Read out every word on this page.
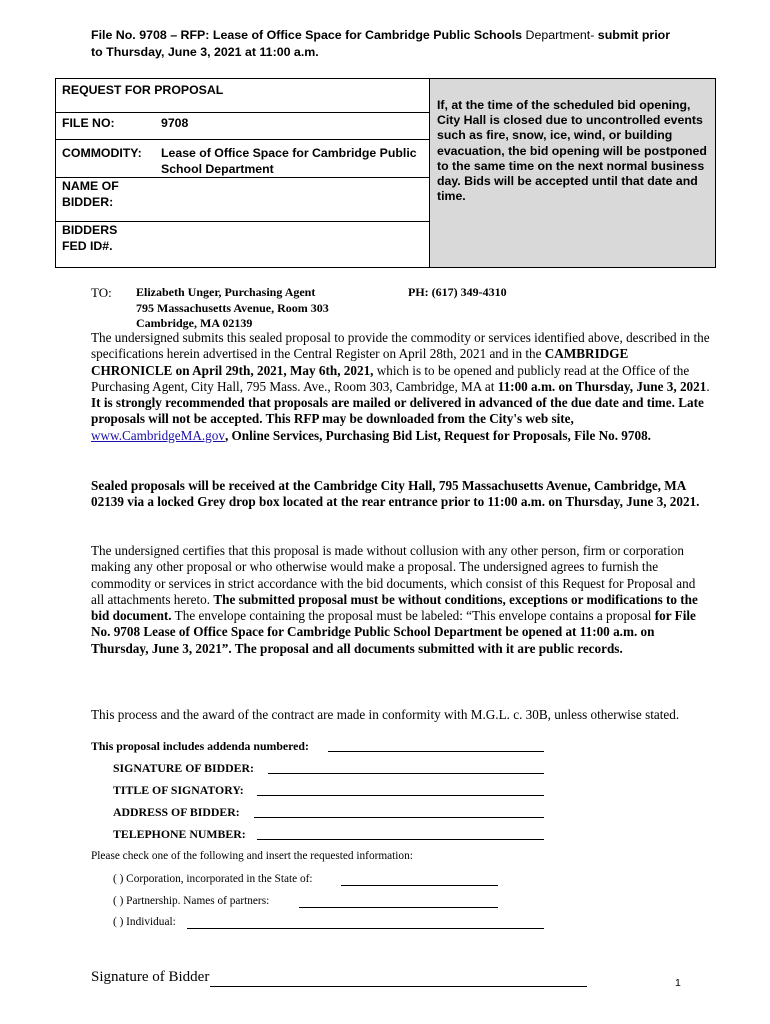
File No. 9708 – RFP: Lease of Office Space for Cambridge Public Schools Department- submit prior
to Thursday, June 3, 2021 at 11:00 a.m.
REQUEST FOR PROPOSAL
FILE NO:	9708
COMMODITY: Lease of Office Space for Cambridge Public
School Department
NAME OF
BIDDER:
BIDDERS
FED ID#.
If, at the time of the scheduled bid opening, City Hall is closed due to uncontrolled events such as fire, snow, ice, wind, or building evacuation, the bid opening will be postponed to the same time on the next normal business day. Bids will be accepted until that date and time.
TO: Elizabeth Unger, Purchasing Agent
795 Massachusetts Avenue, Room 303
Cambridge, MA 02139
PH: (617) 349-4310
The undersigned submits this sealed proposal to provide the commodity or services identified above, described in the specifications herein advertised in the Central Register on April 28th, 2021 and in the CAMBRIDGE CHRONICLE on April 29th, 2021, May 6th, 2021, which is to be opened and publicly read at the Office of the Purchasing Agent, City Hall, 795 Mass. Ave., Room 303, Cambridge, MA at 11:00 a.m. on Thursday, June 3, 2021. It is strongly recommended that proposals are mailed or delivered in advanced of the due date and time. Late proposals will not be accepted. This RFP may be downloaded from the City's web site, www.CambridgeMA.gov, Online Services, Purchasing Bid List, Request for Proposals, File No. 9708.
Sealed proposals will be received at the Cambridge City Hall, 795 Massachusetts Avenue, Cambridge, MA 02139 via a locked Grey drop box located at the rear entrance prior to 11:00 a.m. on Thursday, June 3, 2021.
The undersigned certifies that this proposal is made without collusion with any other person, firm or corporation making any other proposal or who otherwise would make a proposal. The undersigned agrees to furnish the commodity or services in strict accordance with the bid documents, which consist of this Request for Proposal and all attachments hereto. The submitted proposal must be without conditions, exceptions or modifications to the bid document. The envelope containing the proposal must be labeled: “This envelope contains a proposal for File No. 9708 Lease of Office Space for Cambridge Public School Department be opened at 11:00 a.m. on Thursday, June 3, 2021”. The proposal and all documents submitted with it are public records.
This process and the award of the contract are made in conformity with M.G.L. c. 30B, unless otherwise stated.
This proposal includes addenda numbered:
SIGNATURE OF BIDDER:
TITLE OF SIGNATORY:
ADDRESS OF BIDDER:
TELEPHONE NUMBER:
Please check one of the following and insert the requested information:
( ) Corporation, incorporated in the State of:
( ) Partnership. Names of partners:
( ) Individual:
Signature of Bidder	1
